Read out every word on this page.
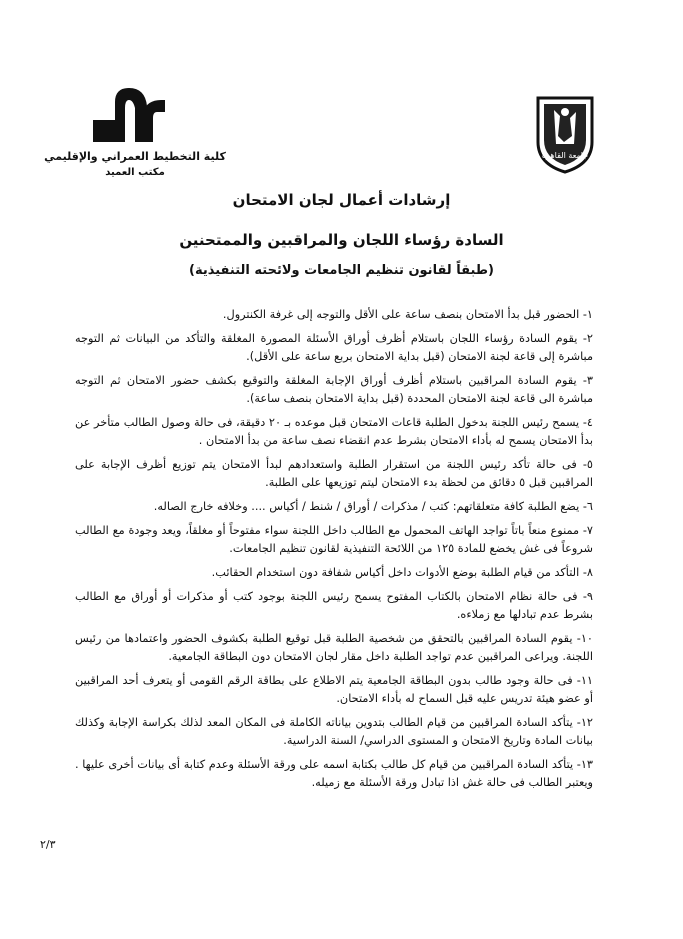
جامعة القاهرة
كلية التخطيط العمراني والإقليمي
مكتب العميد
إرشادات أعمال لجان الامتحان
السادة رؤساء اللجان والمراقبين والممتحنين
(طبقاً لقانون تنظيم الجامعات ولائحته التنفيذية)

١- الحضور قبل بدأ الامتحان بنصف ساعة على الأقل والتوجه إلى غرفة الكنترول.

٢- يقوم السادة رؤساء اللجان باستلام أظرف أوراق الأسئلة المصورة المغلقة والتأكد من البيانات ثم التوجه مباشرة إلى قاعة لجنة الامتحان (قبل بداية الامتحان بربع ساعة على الأقل).

٣- يقوم السادة المراقبين باستلام أظرف أوراق الإجابة المغلقة والتوقيع بكشف حضور الامتحان ثم التوجه مباشرة الى قاعة لجنة الامتحان المحددة (قبل بداية الامتحان بنصف ساعة).

٤- يسمح رئيس اللجنة بدخول الطلبة قاعات الامتحان قبل موعده بـ ٢٠ دقيقة، فى حالة وصول الطالب متأخر عن بدأ الامتحان يسمح له بأداء الامتحان بشرط عدم انقضاء نصف ساعة من بدأ الامتحان .

٥- فى حالة تأكد رئيس اللجنة من استقرار الطلبة واستعدادهم لبدأ الامتحان يتم توزيع أظرف الإجابة على المراقبين قبل ٥ دقائق من لحظة بدء الامتحان ليتم توزيعها على الطلبة.

٦- يضع الطلبة كافة متعلقاتهم: كتب / مذكرات / أوراق / شنط / أكياس .... وخلافه خارج الصاله.

٧- ممنوع منعاً باتاً تواجد الهاتف المحمول مع الطالب داخل اللجنة سواء مفتوحاً أو مغلقاً، ويعد وجودة مع الطالب شروعاً فى غش يخضع للمادة ١٢٥ من اللائحة التنفيذية لقانون تنظيم الجامعات.

٨- التأكد من قيام الطلبة بوضع الأدوات داخل أكياس شفافة دون استخدام الحقائب.

٩- فى حالة نظام الامتحان بالكتاب المفتوح يسمح رئيس اللجنة بوجود كتب أو مذكرات أو أوراق مع الطالب بشرط عدم تبادلها مع زملاءه.

١٠- يقوم السادة المراقبين بالتحقق من شخصية الطلبة قبل توقيع الطلبة بكشوف الحضور واعتمادها من رئيس اللجنة. ويراعى المراقبين عدم تواجد الطلبة داخل مقار لجان الامتحان دون البطاقة الجامعية.

١١- فى حالة وجود طالب بدون البطاقة الجامعية يتم الاطلاع على بطاقة الرقم القومى أو يتعرف أحد المراقبين أو عضو هيئة تدريس عليه قبل السماح له بأداء الامتحان.

١٢- يتأكد السادة المراقبين من قيام الطالب بتدوين بياناته الكاملة فى المكان المعد لذلك بكراسة الإجابة وكذلك بيانات المادة وتاريخ الامتحان و المستوى الدراسي/ السنة الدراسية.

١٣- يتأكد السادة المراقبين من قيام كل طالب بكتابة اسمه على ورقة الأسئلة وعدم كتابة أى بيانات أخرى عليها . ويعتبر الطالب فى حالة غش اذا تبادل ورقة الأسئلة مع زميله.

٢/٣
